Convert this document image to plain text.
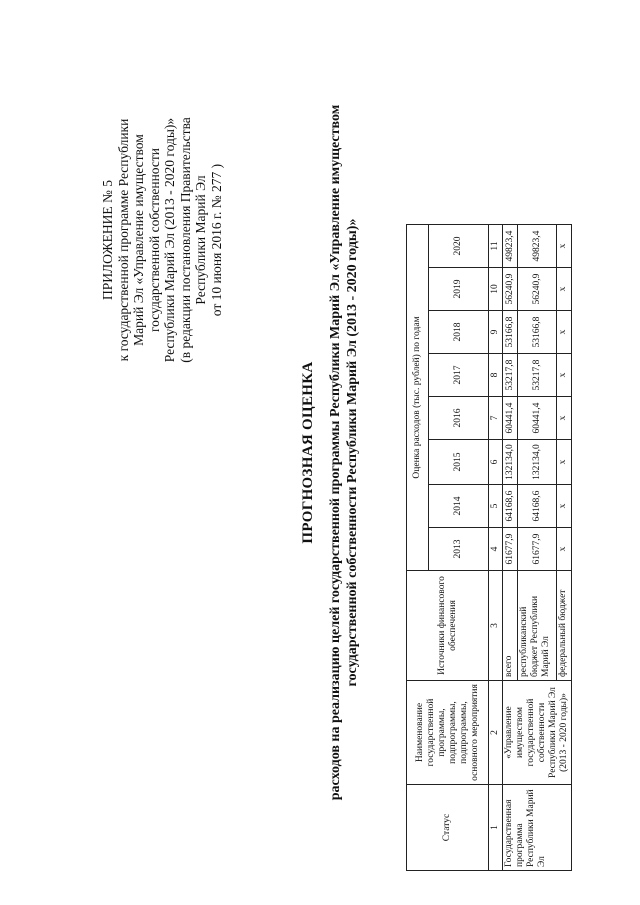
ПРИЛОЖЕНИЕ № 5 к государственной программе Республики Марий Эл «Управление имуществом государственной собственности Республики Марий Эл (2013 - 2020 годы)» (в редакции постановления Правительства Республики Марий Эл от 10 июня 2016 г. № 277 )
ПРОГНОЗНАЯ ОЦЕНКА расходов на реализацию целей государственной программы Республики Марий Эл «Управление имуществом государственной собственности Республики Марий Эл (2013 - 2020 годы)»
Статус	Наименование государственной программы, подпрограммы, подпрограммы, основного мероприятия	Источники финансового обеспечения	Оценка расходов (тыс. рублей) по годам							
			2013	2014	2015	2016	2017	2018	2019	2020
1	2	3	4	5	6	7	8	9	10	11
Государственная программа Республики Марий Эл	«Управление имуществом государственной собственности Республики Марий Эл (2013 - 2020 годы)»	всего	61677,9	64168,6	132134,0	60441,4	53217,8	53166,8	56240,9	49823,4
		республиканский бюджет Республики Марий Эл	61677,9	64168,6	132134,0	60441,4	53217,8	53166,8	56240,9	49823,4
		федеральный бюджет	х	х	х	х	х	х	х	х
